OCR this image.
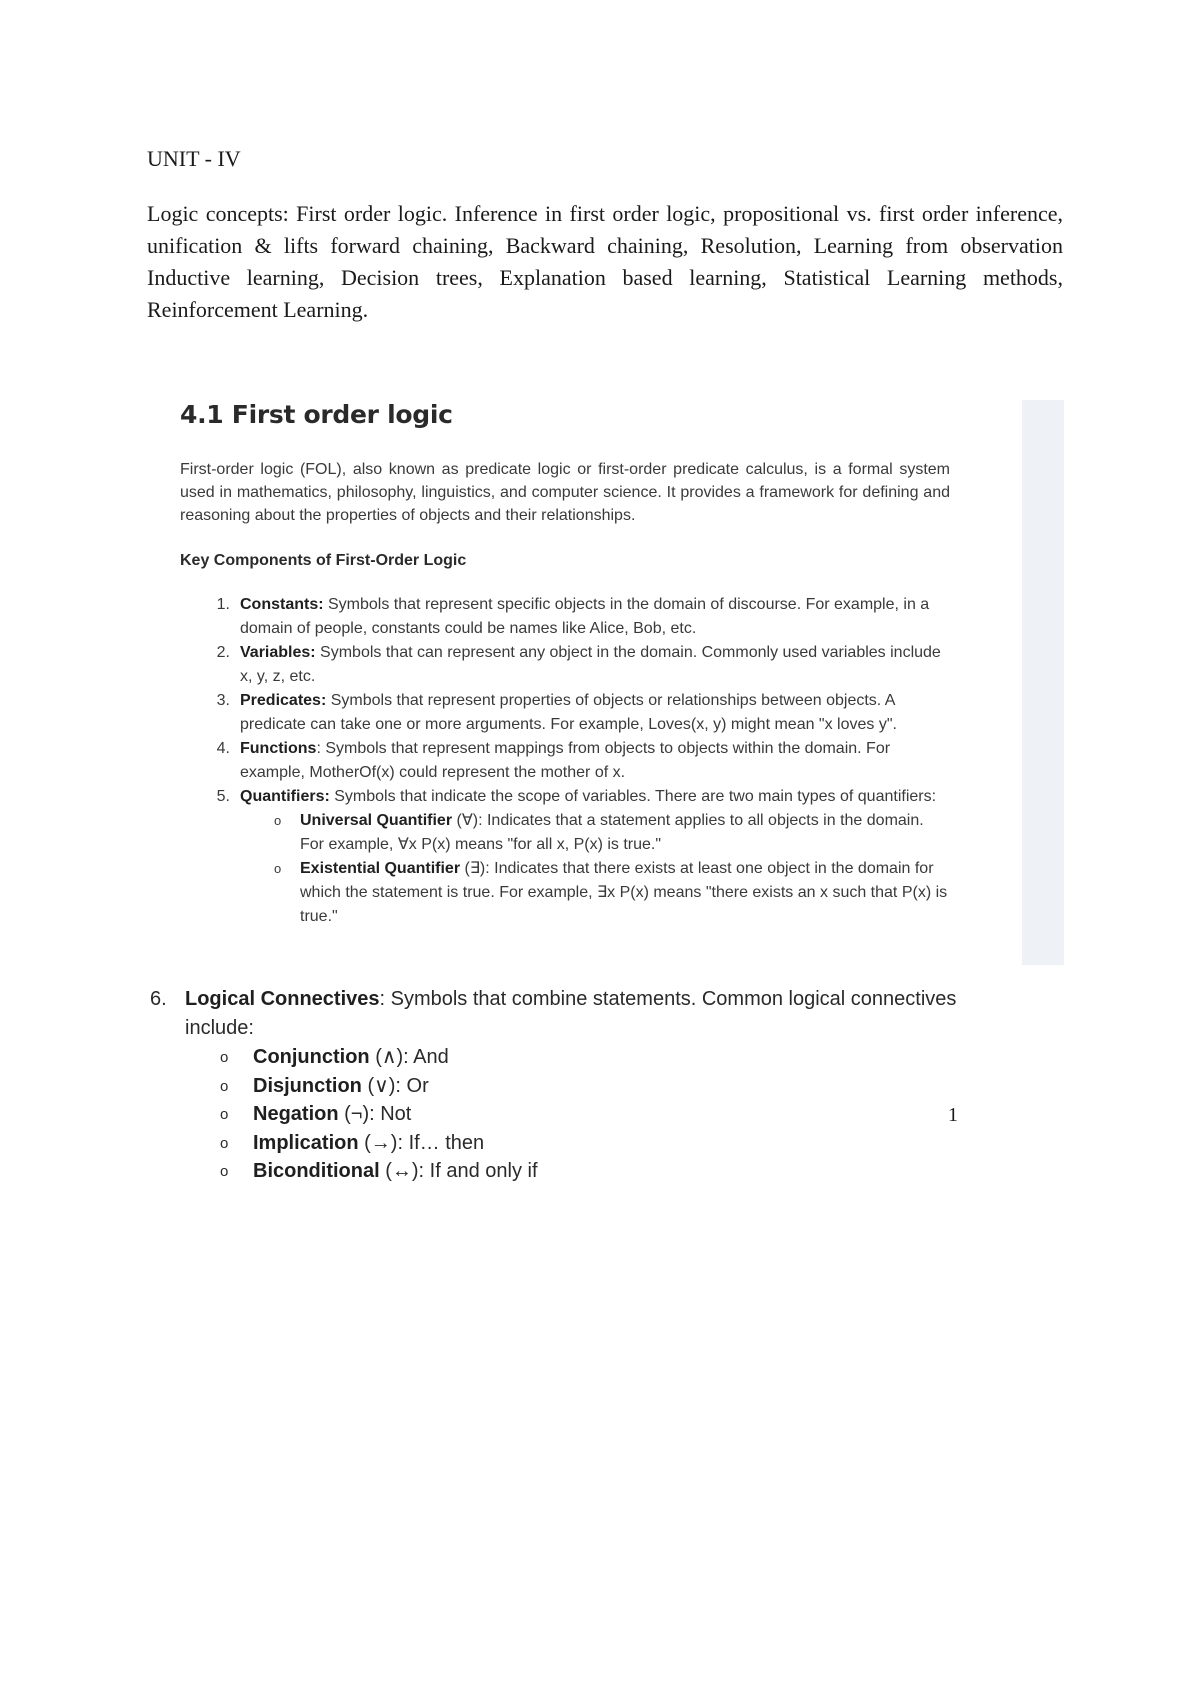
UNIT - IV

Logic concepts: First order logic. Inference in first order logic, propositional vs. first order inference, unification & lifts forward chaining, Backward chaining, Resolution, Learning from observation Inductive learning, Decision trees, Explanation based learning, Statistical Learning methods, Reinforcement Learning.

4.1 First order logic

First-order logic (FOL), also known as predicate logic or first-order predicate calculus, is a formal system used in mathematics, philosophy, linguistics, and computer science. It provides a framework for defining and reasoning about the properties of objects and their relationships.

Key Components of First-Order Logic
1. Constants: Symbols that represent specific objects in the domain of discourse. For example, in a domain of people, constants could be names like Alice, Bob, etc.
2. Variables: Symbols that can represent any object in the domain. Commonly used variables include x, y, z, etc.
3. Predicates: Symbols that represent properties of objects or relationships between objects. A predicate can take one or more arguments. For example, Loves(x, y) might mean "x loves y".
4. Functions: Symbols that represent mappings from objects to objects within the domain. For example, MotherOf(x) could represent the mother of x.
5. Quantifiers: Symbols that indicate the scope of variables. There are two main types of quantifiers:
o Universal Quantifier (∀): Indicates that a statement applies to all objects in the domain. For example, ∀x P(x) means "for all x, P(x) is true."
o Existential Quantifier (∃): Indicates that there exists at least one object in the domain for which the statement is true. For example, ∃x P(x) means "there exists an x such that P(x) is true."
6. Logical Connectives: Symbols that combine statements. Common logical connectives include:
o Conjunction (∧): And
o Disjunction (∨): Or
o Negation (¬): Not
o Implication (→): If… then
o Biconditional (↔): If and only if
1
